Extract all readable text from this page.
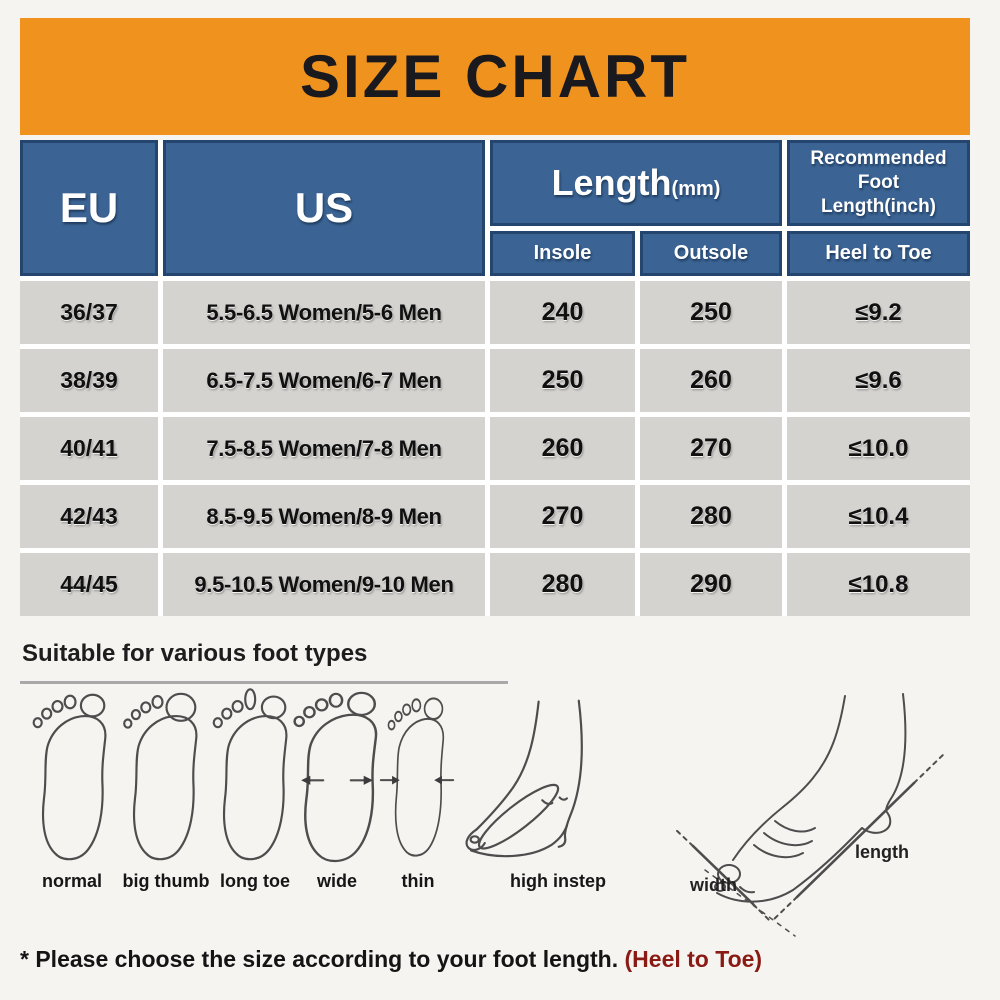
SIZE CHART
EU	US
Length (mm)
Recommended Foot Length(inch)
Insole	Outsole	Heel to Toe
36/37	5.5-6.5 Women/5-6 Men	240	250	≤9.2
38/39	6.5-7.5 Women/6-7 Men	250	260	≤9.6
40/41	7.5-8.5 Women/7-8 Men	260	270	≤10.0
42/43	8.5-9.5 Women/8-9 Men	270	280	≤10.4
44/45	9.5-10.5 Women/9-10 Men	280	290	≤10.8
Suitable for various foot types
normal	big thumb long toe	wide	thin	high instep	width
length
* Please choose the size according to your foot length. (Heel to Toe)
